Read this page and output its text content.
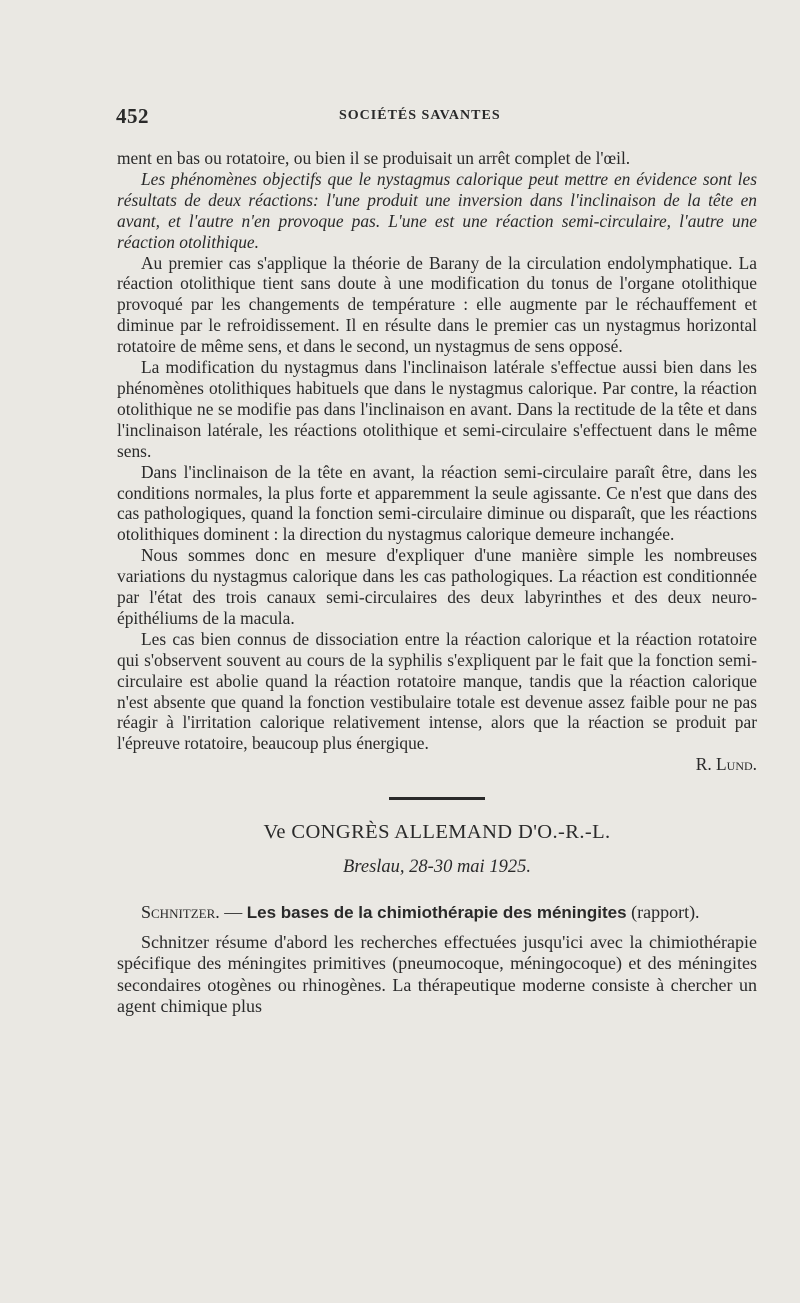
452	SOCIÉTÉS SAVANTES

ment en bas ou rotatoire, ou bien il se produisait un arrêt complet de l'œil.

Les phénomènes objectifs que le nystagmus calorique peut mettre en évidence sont les résultats de deux réactions: l'une produit une inversion dans l'inclinaison de la tête en avant, et l'autre n'en provoque pas. L'une est une réaction semi-circulaire, l'autre une réaction otolithique.

Au premier cas s'applique la théorie de Barany de la circulation endolymphatique. La réaction otolithique tient sans doute à une modification du tonus de l'organe otolithique provoqué par les changements de température : elle augmente par le réchauffement et diminue par le refroidissement. Il en résulte dans le premier cas un nystagmus horizontal rotatoire de même sens, et dans le second, un nystagmus de sens opposé.

La modification du nystagmus dans l'inclinaison latérale s'effectue aussi bien dans les phénomènes otolithiques habituels que dans le nystagmus calorique. Par contre, la réaction otolithique ne se modifie pas dans l'inclinaison en avant. Dans la rectitude de la tête et dans l'inclinaison latérale, les réactions otolithique et semi-circulaire s'effectuent dans le même sens.

Dans l'inclinaison de la tête en avant, la réaction semi-circulaire paraît être, dans les conditions normales, la plus forte et apparemment la seule agissante. Ce n'est que dans des cas pathologiques, quand la fonction semi-circulaire diminue ou disparaît, que les réactions otolithiques dominent : la direction du nystagmus calorique demeure inchangée.

Nous sommes donc en mesure d'expliquer d'une manière simple les nombreuses variations du nystagmus calorique dans les cas pathologiques. La réaction est conditionnée par l'état des trois canaux semi-circulaires des deux labyrinthes et des deux neuro-épithéliums de la macula.

Les cas bien connus de dissociation entre la réaction calorique et la réaction rotatoire qui s'observent souvent au cours de la syphilis s'expliquent par le fait que la fonction semi-circulaire est abolie quand la réaction rotatoire manque, tandis que la réaction calorique n'est absente que quand la fonction vestibulaire totale est devenue assez faible pour ne pas réagir à l'irritation calorique relativement intense, alors que la réaction se produit par l'épreuve rotatoire, beaucoup plus énergique.

R. Lund.
Ve CONGRÈS ALLEMAND D'O.-R.-L.
Breslau, 28-30 mai 1925.

Schnitzer. — Les bases de la chimiothérapie des méningites (rapport).

Schnitzer résume d'abord les recherches effectuées jusqu'ici avec la chimiothérapie spécifique des méningites primitives (pneumocoque, méningocoque) et des méningites secondaires otogènes ou rhinogènes. La thérapeutique moderne consiste à chercher un agent chimique plus
